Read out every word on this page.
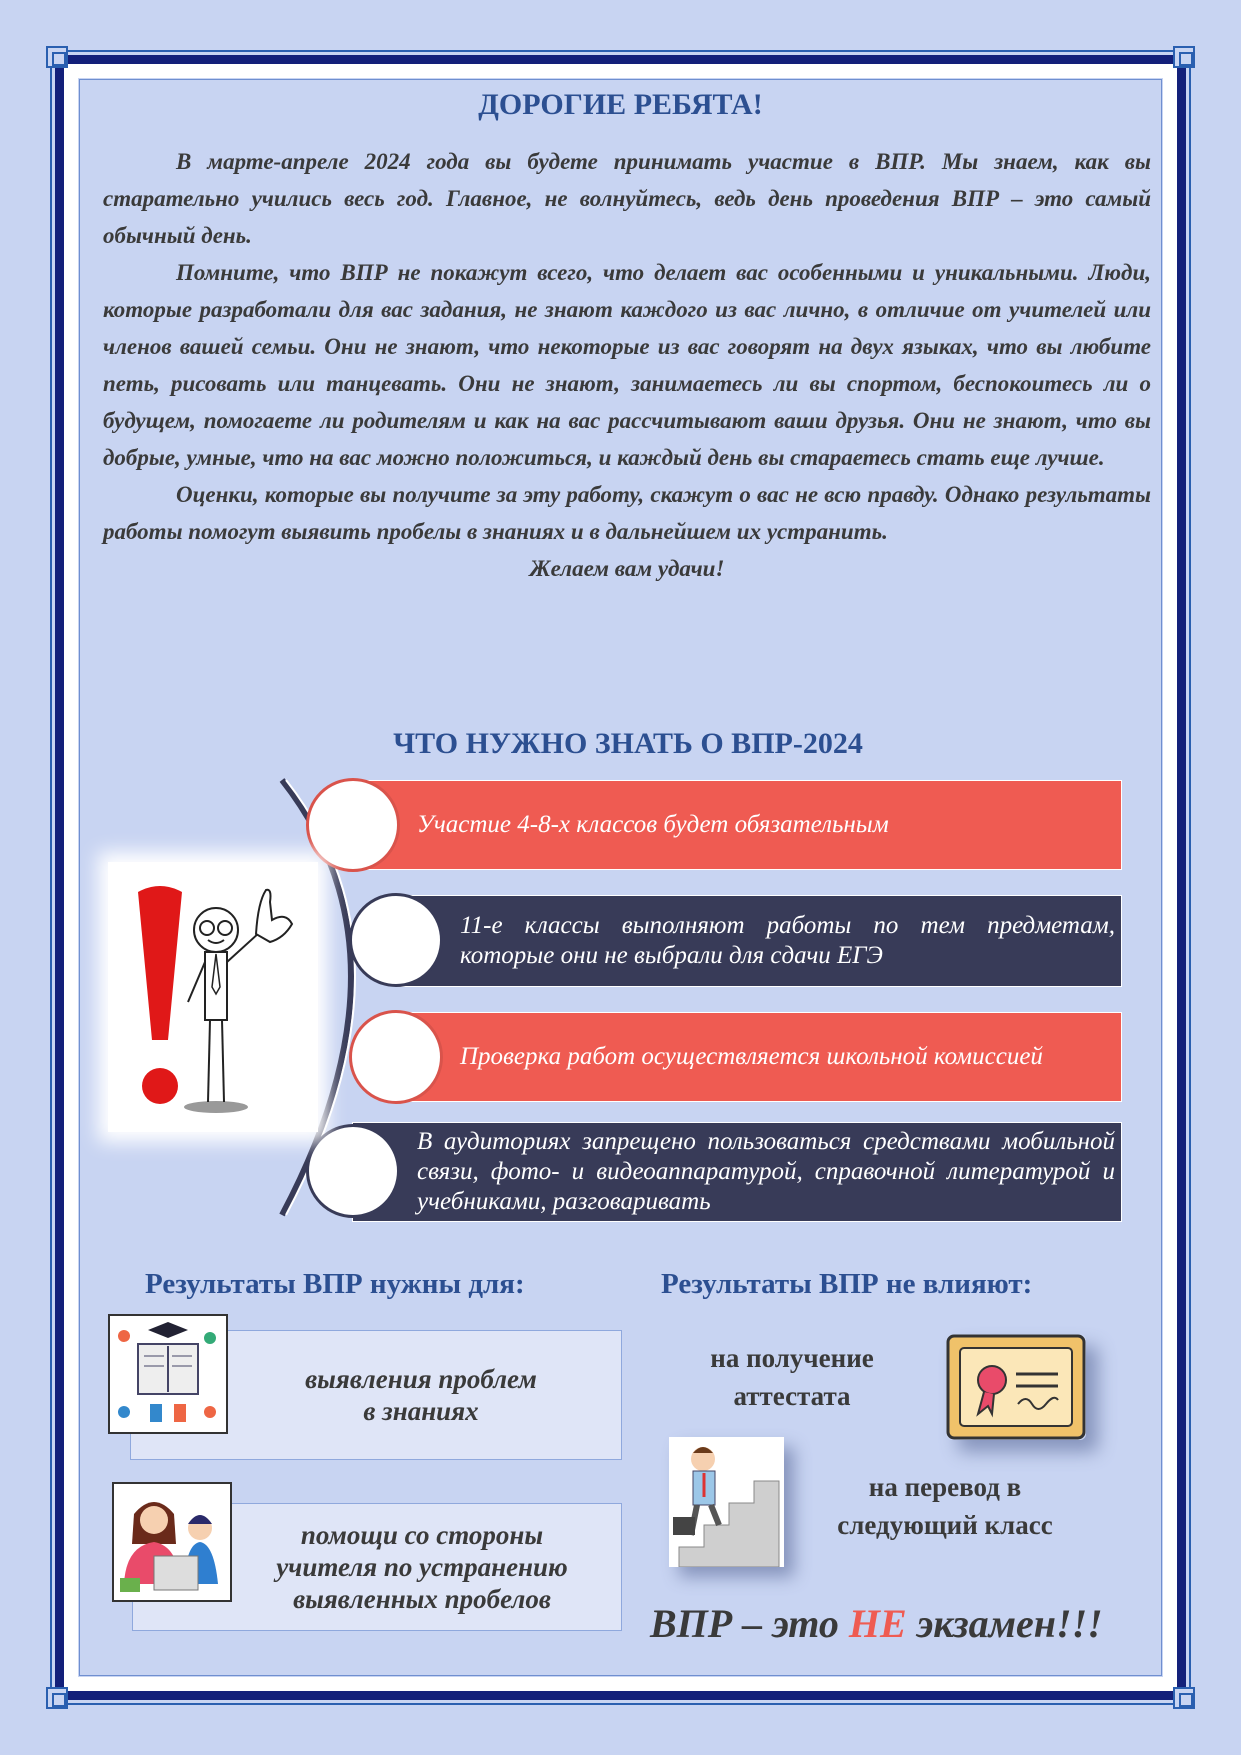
ДОРОГИЕ РЕБЯТА!

В марте-апреле 2024 года вы будете принимать участие в ВПР. Мы знаем, как вы старательно учились весь год. Главное, не волнуйтесь, ведь день проведения ВПР – это самый обычный день.

Помните, что ВПР не покажут всего, что делает вас особенными и уникальными. Люди, которые разработали для вас задания, не знают каждого из вас лично, в отличие от учителей или членов вашей семьи. Они не знают, что некоторые из вас говорят на двух языках, что вы любите петь, рисовать или танцевать. Они не знают, занимаетесь ли вы спортом, беспокоитесь ли о будущем, помогаете ли родителям и как на вас рассчитывают ваши друзья. Они не знают, что вы добрые, умные, что на вас можно положиться, и каждый день вы стараетесь стать еще лучше.

Оценки, которые вы получите за эту работу, скажут о вас не всю правду. Однако результаты работы помогут выявить пробелы в знаниях и в дальнейшем их устранить.

Желаем вам удачи!

ЧТО НУЖНО ЗНАТЬ О ВПР-2024
Участие 4-8-х классов будет обязательным
11-е классы выполняют работы по тем предметам, которые они не выбрали для сдачи ЕГЭ
Проверка работ осуществляется школьной комиссией
В аудиториях запрещено пользоваться средствами мобильной связи, фото- и видеоаппаратурой, справочной литературой и учебниками, разговаривать
Результаты ВПР нужны для:
выявления проблем
в знаниях
помощи со стороны
учителя по устранению
выявленных пробелов
Результаты ВПР не влияют:
на получение
аттестата
на перевод в
следующий класс
ВПР – это НЕ экзамен!!!
